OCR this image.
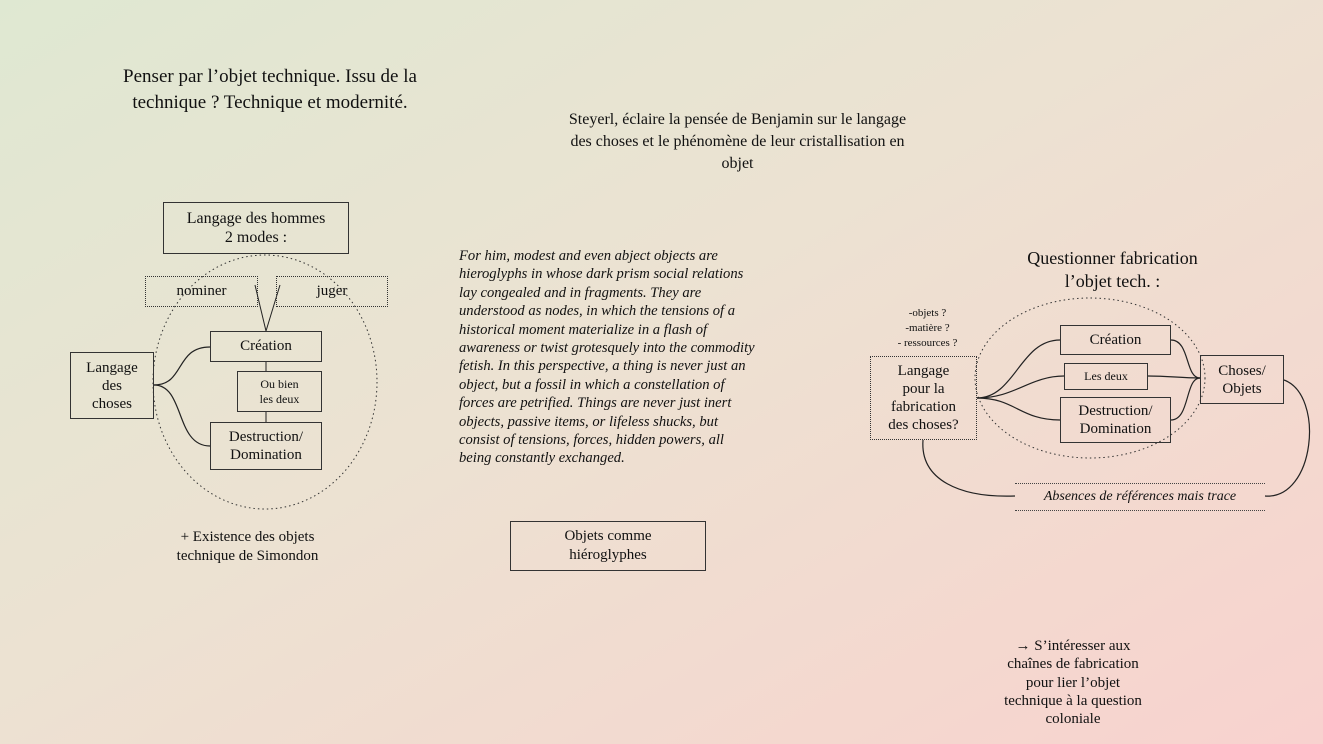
Penser par l’objet technique. Issu de la
technique ? Technique et modernité.
Steyerl, éclaire la pensée de Benjamin sur le langage
des choses et le phénomène de leur cristallisation en
objet
Langage des hommes
2 modes :
nominer	juger
Langage
des
choses
Création
Ou bien
les deux
Destruction/
Domination
+ Existence des objets
technique de Simondon
For him, modest and even abject objects are
hieroglyphs in whose dark prism social relations
lay congealed and in fragments. They are
understood as nodes, in which the tensions of a
historical moment materialize in a flash of
awareness or twist grotesquely into the commodity
fetish. In this perspective, a thing is never just an
object, but a fossil in which a constellation of
forces are petrified. Things are never just inert
objects, passive items, or lifeless shucks, but
consist of tensions, forces, hidden powers, all
being constantly exchanged.
Objets comme
hiéroglyphes
Questionner fabrication
l’objet tech. :
-objets ?
-matière ?
- ressources ?
Langage
pour la
fabrication
des choses?
Création
Les deux
Destruction/
Domination
Choses/
Objets
Absences de références mais trace
→ S’intéresser aux
chaînes de fabrication
pour lier l’objet
technique à la question
coloniale
